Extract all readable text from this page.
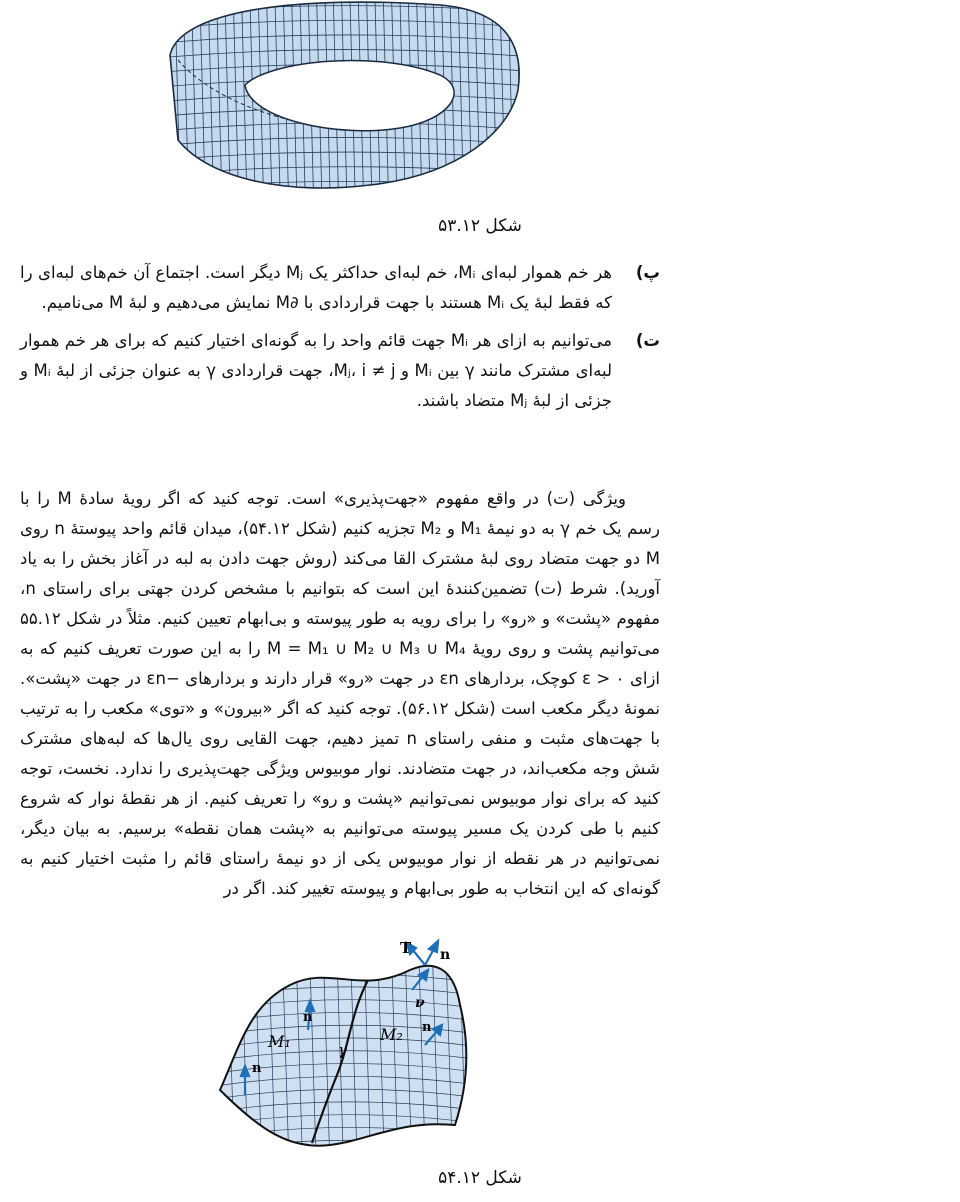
شکل ۵۳.۱۲
پ)
هر خم هموار لبه‌ای Mᵢ، خم لبه‌ای حداکثر یک Mⱼ دیگر است. اجتماع آن خم‌های لبه‌ای را که فقط لبهٔ یک Mᵢ هستند با جهت قراردادی با ∂M نمایش می‌دهیم و لبهٔ M می‌نامیم.
ت)
می‌توانیم به ازای هر Mᵢ جهت قائم واحد را به گونه‌ای اختیار کنیم که برای هر خم هموار لبه‌ای مشترک مانند γ بین Mᵢ و Mⱼ، i ≠ j، جهت قراردادی γ به عنوان جزئی از لبهٔ Mᵢ و جزئی از لبهٔ Mⱼ متضاد باشند.

ویژگی (ت) در واقع مفهوم «جهت‌پذیری» است. توجه کنید که اگر رویهٔ سادهٔ M را با رسم یک خم γ به دو نیمهٔ M₁ و M₂ تجزیه کنیم (شکل ۵۴.۱۲)، میدان قائم واحد پیوستهٔ n روی M دو جهت متضاد روی لبهٔ مشترک القا می‌کند (روش جهت دادن به لبه در آغاز بخش را به یاد آورید). شرط (ت) تضمین‌کنندهٔ این است که بتوانیم با مشخص کردن جهتی برای راستای n، مفهوم «پشت» و «رو» را برای رویه به طور پیوسته و بی‌ابهام تعیین کنیم. مثلاً در شکل ۵۵.۱۲ می‌توانیم پشت و روی رویهٔ M = M₁ ∪ M₂ ∪ M₃ ∪ M₄ را به این صورت تعریف کنیم که به ازای ε > ۰ کوچک، بردارهای εn در جهت «رو» قرار دارند و بردارهای −εn در جهت «پشت». نمونهٔ دیگر مکعب است (شکل ۵۶.۱۲). توجه کنید که اگر «بیرون» و «توی» مکعب را به ترتیب با جهت‌های مثبت و منفی راستای n تمیز دهیم، جهت القایی روی یال‌ها که لبه‌های مشترک شش وجه مکعب‌اند، در جهت متضادند. نوار موبیوس ویژگی جهت‌پذیری را ندارد. نخست، توجه کنید که برای نوار موبیوس نمی‌توانیم «پشت و رو» را تعریف کنیم. از هر نقطهٔ نوار که شروع کنیم با طی کردن یک مسیر پیوسته می‌توانیم به «پشت همان نقطه» برسیم. به بیان دیگر، نمی‌توانیم در هر نقطه از نوار موبیوس یکی از دو نیمهٔ راستای قائم را مثبت اختیار کنیم به گونه‌ای که این انتخاب به طور بی‌ابهام و پیوسته تغییر کند. اگر در

T n
ν
n
n
n
M₁	M₂
γ
شکل ۵۴.۱۲
